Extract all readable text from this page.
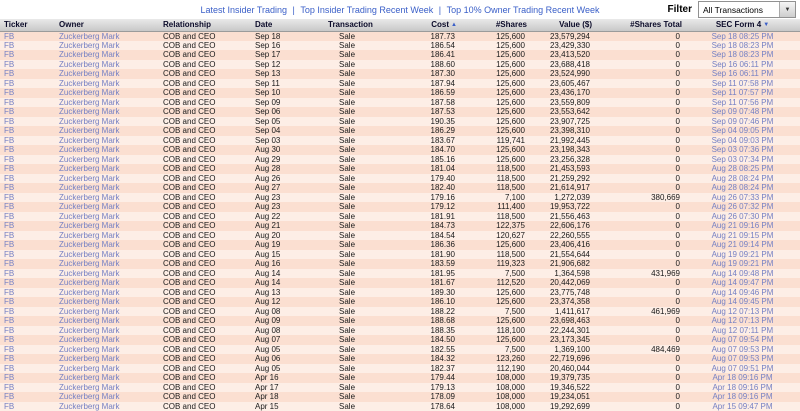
Latest Insider Trading | Top Insider Trading Recent Week | Top 10% Owner Trading Recent Week	Filter	All Transactions	▼
Ticker	Owner	Relationship	Date	Transaction	Cost ▲	#Shares	Value ($)	#Shares Total	SEC Form 4 ▼
FB	Zuckerberg Mark	COB and CEO	Sep 18	Sale	187.73	125,600	23,579,294	0	Sep 18 08:25 PM
FB	Zuckerberg Mark	COB and CEO	Sep 16	Sale	186.54	125,600	23,429,330	0	Sep 18 08:23 PM
FB	Zuckerberg Mark	COB and CEO	Sep 17	Sale	186.41	125,600	23,413,520	0	Sep 18 08:23 PM
FB	Zuckerberg Mark	COB and CEO	Sep 12	Sale	188.60	125,600	23,688,418	0	Sep 16 06:11 PM
FB	Zuckerberg Mark	COB and CEO	Sep 13	Sale	187.30	125,600	23,524,990	0	Sep 16 06:11 PM
FB	Zuckerberg Mark	COB and CEO	Sep 11	Sale	187.94	125,600	23,605,467	0	Sep 11 07:58 PM
FB	Zuckerberg Mark	COB and CEO	Sep 10	Sale	186.59	125,600	23,436,170	0	Sep 11 07:57 PM
FB	Zuckerberg Mark	COB and CEO	Sep 09	Sale	187.58	125,600	23,559,809	0	Sep 11 07:56 PM
FB	Zuckerberg Mark	COB and CEO	Sep 06	Sale	187.53	125,600	23,553,642	0	Sep 09 07:48 PM
FB	Zuckerberg Mark	COB and CEO	Sep 05	Sale	190.35	125,600	23,907,725	0	Sep 09 07:46 PM
FB	Zuckerberg Mark	COB and CEO	Sep 04	Sale	186.29	125,600	23,398,310	0	Sep 04 09:05 PM
FB	Zuckerberg Mark	COB and CEO	Sep 03	Sale	183.67	119,741	21,992,445	0	Sep 04 09:03 PM
FB	Zuckerberg Mark	COB and CEO	Aug 30	Sale	184.70	125,600	23,198,343	0	Sep 03 07:36 PM
FB	Zuckerberg Mark	COB and CEO	Aug 29	Sale	185.16	125,600	23,256,328	0	Sep 03 07:34 PM
FB	Zuckerberg Mark	COB and CEO	Aug 28	Sale	181.04	118,500	21,453,593	0	Aug 28 08:25 PM
FB	Zuckerberg Mark	COB and CEO	Aug 26	Sale	179.40	118,500	21,259,292	0	Aug 28 08:24 PM
FB	Zuckerberg Mark	COB and CEO	Aug 27	Sale	182.40	118,500	21,614,917	0	Aug 28 08:24 PM
FB	Zuckerberg Mark	COB and CEO	Aug 23	Sale	179.16	7,100	1,272,039	380,669	Aug 26 07:33 PM
FB	Zuckerberg Mark	COB and CEO	Aug 23	Sale	179.12	111,400	19,953,722	0	Aug 26 07:32 PM
FB	Zuckerberg Mark	COB and CEO	Aug 22	Sale	181.91	118,500	21,556,463	0	Aug 26 07:30 PM
FB	Zuckerberg Mark	COB and CEO	Aug 21	Sale	184.73	122,375	22,606,176	0	Aug 21 09:16 PM
FB	Zuckerberg Mark	COB and CEO	Aug 20	Sale	184.54	120,627	22,260,555	0	Aug 21 09:15 PM
FB	Zuckerberg Mark	COB and CEO	Aug 19	Sale	186.36	125,600	23,406,416	0	Aug 21 09:14 PM
FB	Zuckerberg Mark	COB and CEO	Aug 15	Sale	181.90	118,500	21,554,644	0	Aug 19 09:21 PM
FB	Zuckerberg Mark	COB and CEO	Aug 16	Sale	183.59	119,323	21,906,682	0	Aug 19 09:21 PM
FB	Zuckerberg Mark	COB and CEO	Aug 14	Sale	181.95	7,500	1,364,598	431,969	Aug 14 09:48 PM
FB	Zuckerberg Mark	COB and CEO	Aug 14	Sale	181.67	112,520	20,442,069	0	Aug 14 09:47 PM
FB	Zuckerberg Mark	COB and CEO	Aug 13	Sale	189.30	125,600	23,775,748	0	Aug 14 09:46 PM
FB	Zuckerberg Mark	COB and CEO	Aug 12	Sale	186.10	125,600	23,374,358	0	Aug 14 09:45 PM
FB	Zuckerberg Mark	COB and CEO	Aug 08	Sale	188.22	7,500	1,411,617	461,969	Aug 12 07:13 PM
FB	Zuckerberg Mark	COB and CEO	Aug 09	Sale	188.68	125,600	23,698,463	0	Aug 12 07:13 PM
FB	Zuckerberg Mark	COB and CEO	Aug 08	Sale	188.35	118,100	22,244,301	0	Aug 12 07:11 PM
FB	Zuckerberg Mark	COB and CEO	Aug 07	Sale	184.50	125,600	23,173,345	0	Aug 07 09:54 PM
FB	Zuckerberg Mark	COB and CEO	Aug 05	Sale	182.55	7,500	1,369,100	484,469	Aug 07 09:53 PM
FB	Zuckerberg Mark	COB and CEO	Aug 06	Sale	184.32	123,260	22,719,696	0	Aug 07 09:53 PM
FB	Zuckerberg Mark	COB and CEO	Aug 05	Sale	182.37	112,190	20,460,044	0	Aug 07 09:51 PM
FB	Zuckerberg Mark	COB and CEO	Apr 16	Sale	179.44	108,000	19,379,735	0	Apr 18 09:16 PM
FB	Zuckerberg Mark	COB and CEO	Apr 17	Sale	179.13	108,000	19,346,522	0	Apr 18 09:16 PM
FB	Zuckerberg Mark	COB and CEO	Apr 18	Sale	178.09	108,000	19,234,051	0	Apr 18 09:16 PM
FB	Zuckerberg Mark	COB and CEO	Apr 15	Sale	178.64	108,000	19,292,699	0	Apr 15 09:47 PM
